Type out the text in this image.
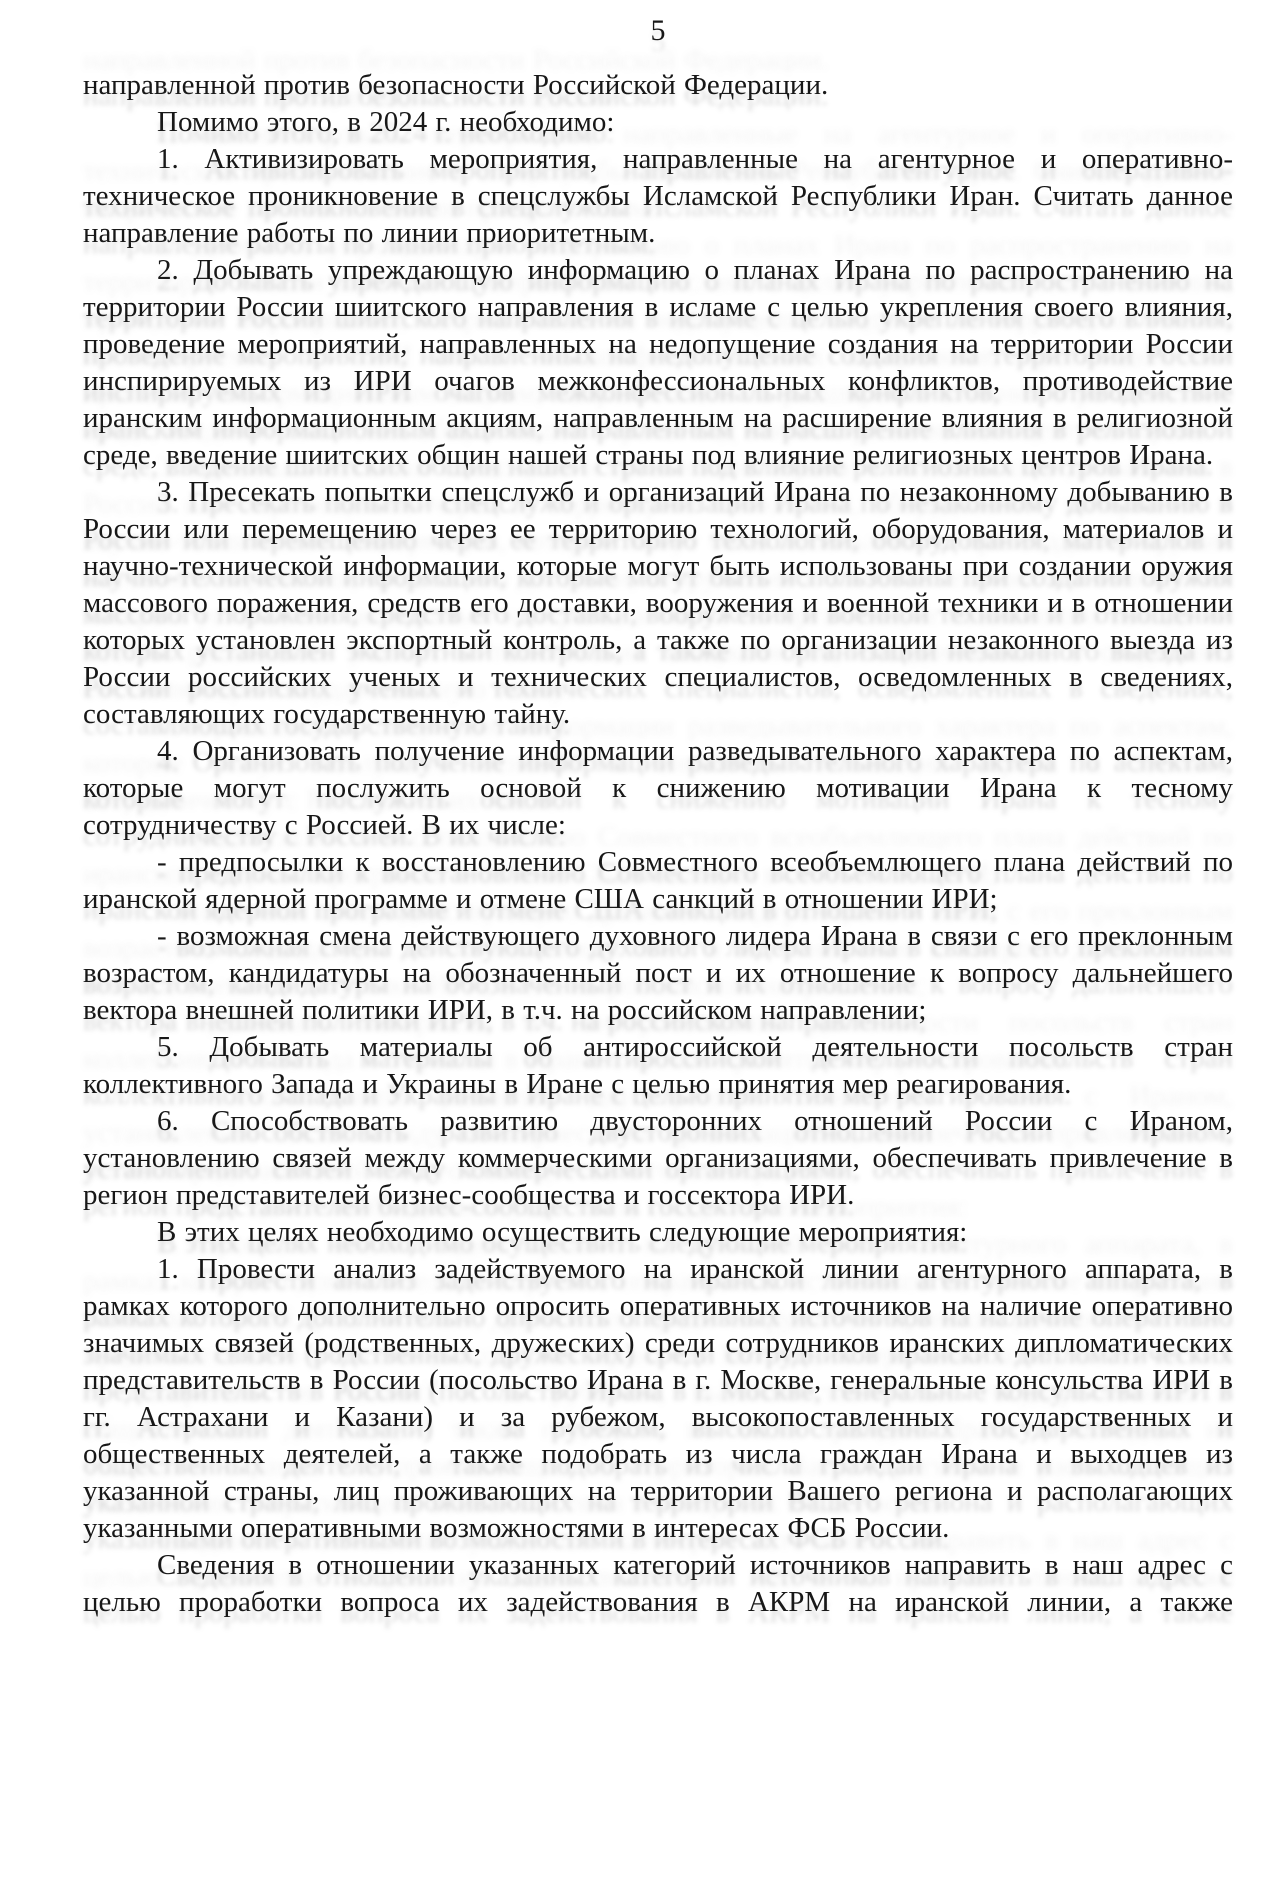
5

направленной против безопасности Российской Федерации.

Помимо этого, в 2024 г. необходимо:

1. Активизировать мероприятия, направленные на агентурное и оперативно-техническое проникновение в спецслужбы Исламской Республики Иран. Считать данное направление работы по линии приоритетным.

2. Добывать упреждающую информацию о планах Ирана по распространению на территории России шиитского направления в исламе с целью укрепления своего влияния, проведение мероприятий, направленных на недопущение создания на территории России инспирируемых из ИРИ очагов межконфессиональных конфликтов, противодействие иранским информационным акциям, направленным на расширение влияния в религиозной среде, введение шиитских общин нашей страны под влияние религиозных центров Ирана.

3. Пресекать попытки спецслужб и организаций Ирана по незаконному добыванию в России или перемещению через ее территорию технологий, оборудования, материалов и научно-технической информации, которые могут быть использованы при создании оружия массового поражения, средств его доставки, вооружения и военной техники и в отношении которых установлен экспортный контроль, а также по организации незаконного выезда из России российских ученых и технических специалистов, осведомленных в сведениях, составляющих государственную тайну.

4. Организовать получение информации разведывательного характера по аспектам, которые могут послужить основой к снижению мотивации Ирана к тесному сотрудничеству с Россией. В их числе:

- предпосылки к восстановлению Совместного всеобъемлющего плана действий по иранской ядерной программе и отмене США санкций в отношении ИРИ;

- возможная смена действующего духовного лидера Ирана в связи с его преклонным возрастом, кандидатуры на обозначенный пост и их отношение к вопросу дальнейшего вектора внешней политики ИРИ, в т.ч. на российском направлении;

5. Добывать материалы об антироссийской деятельности посольств стран коллективного Запада и Украины в Иране с целью принятия мер реагирования.

6. Способствовать развитию двусторонних отношений России с Ираном, установлению связей между коммерческими организациями, обеспечивать привлечение в регион представителей бизнес-сообщества и госсектора ИРИ.

В этих целях необходимо осуществить следующие мероприятия:

1. Провести анализ задействуемого на иранской линии агентурного аппарата, в рамках которого дополнительно опросить оперативных источников на наличие оперативно значимых связей (родственных, дружеских) среди сотрудников иранских дипломатических представительств в России (посольство Ирана в г. Москве, генеральные консульства ИРИ в гг. Астрахани и Казани) и за рубежом, высокопоставленных государственных и общественных деятелей, а также подобрать из числа граждан Ирана и выходцев из указанной страны, лиц проживающих на территории Вашего региона и располагающих указанными оперативными возможностями в интересах ФСБ России.

Сведения в отношении указанных категорий источников направить в наш адрес с целью проработки вопроса их задействования в АКРМ на иранской линии, а также
